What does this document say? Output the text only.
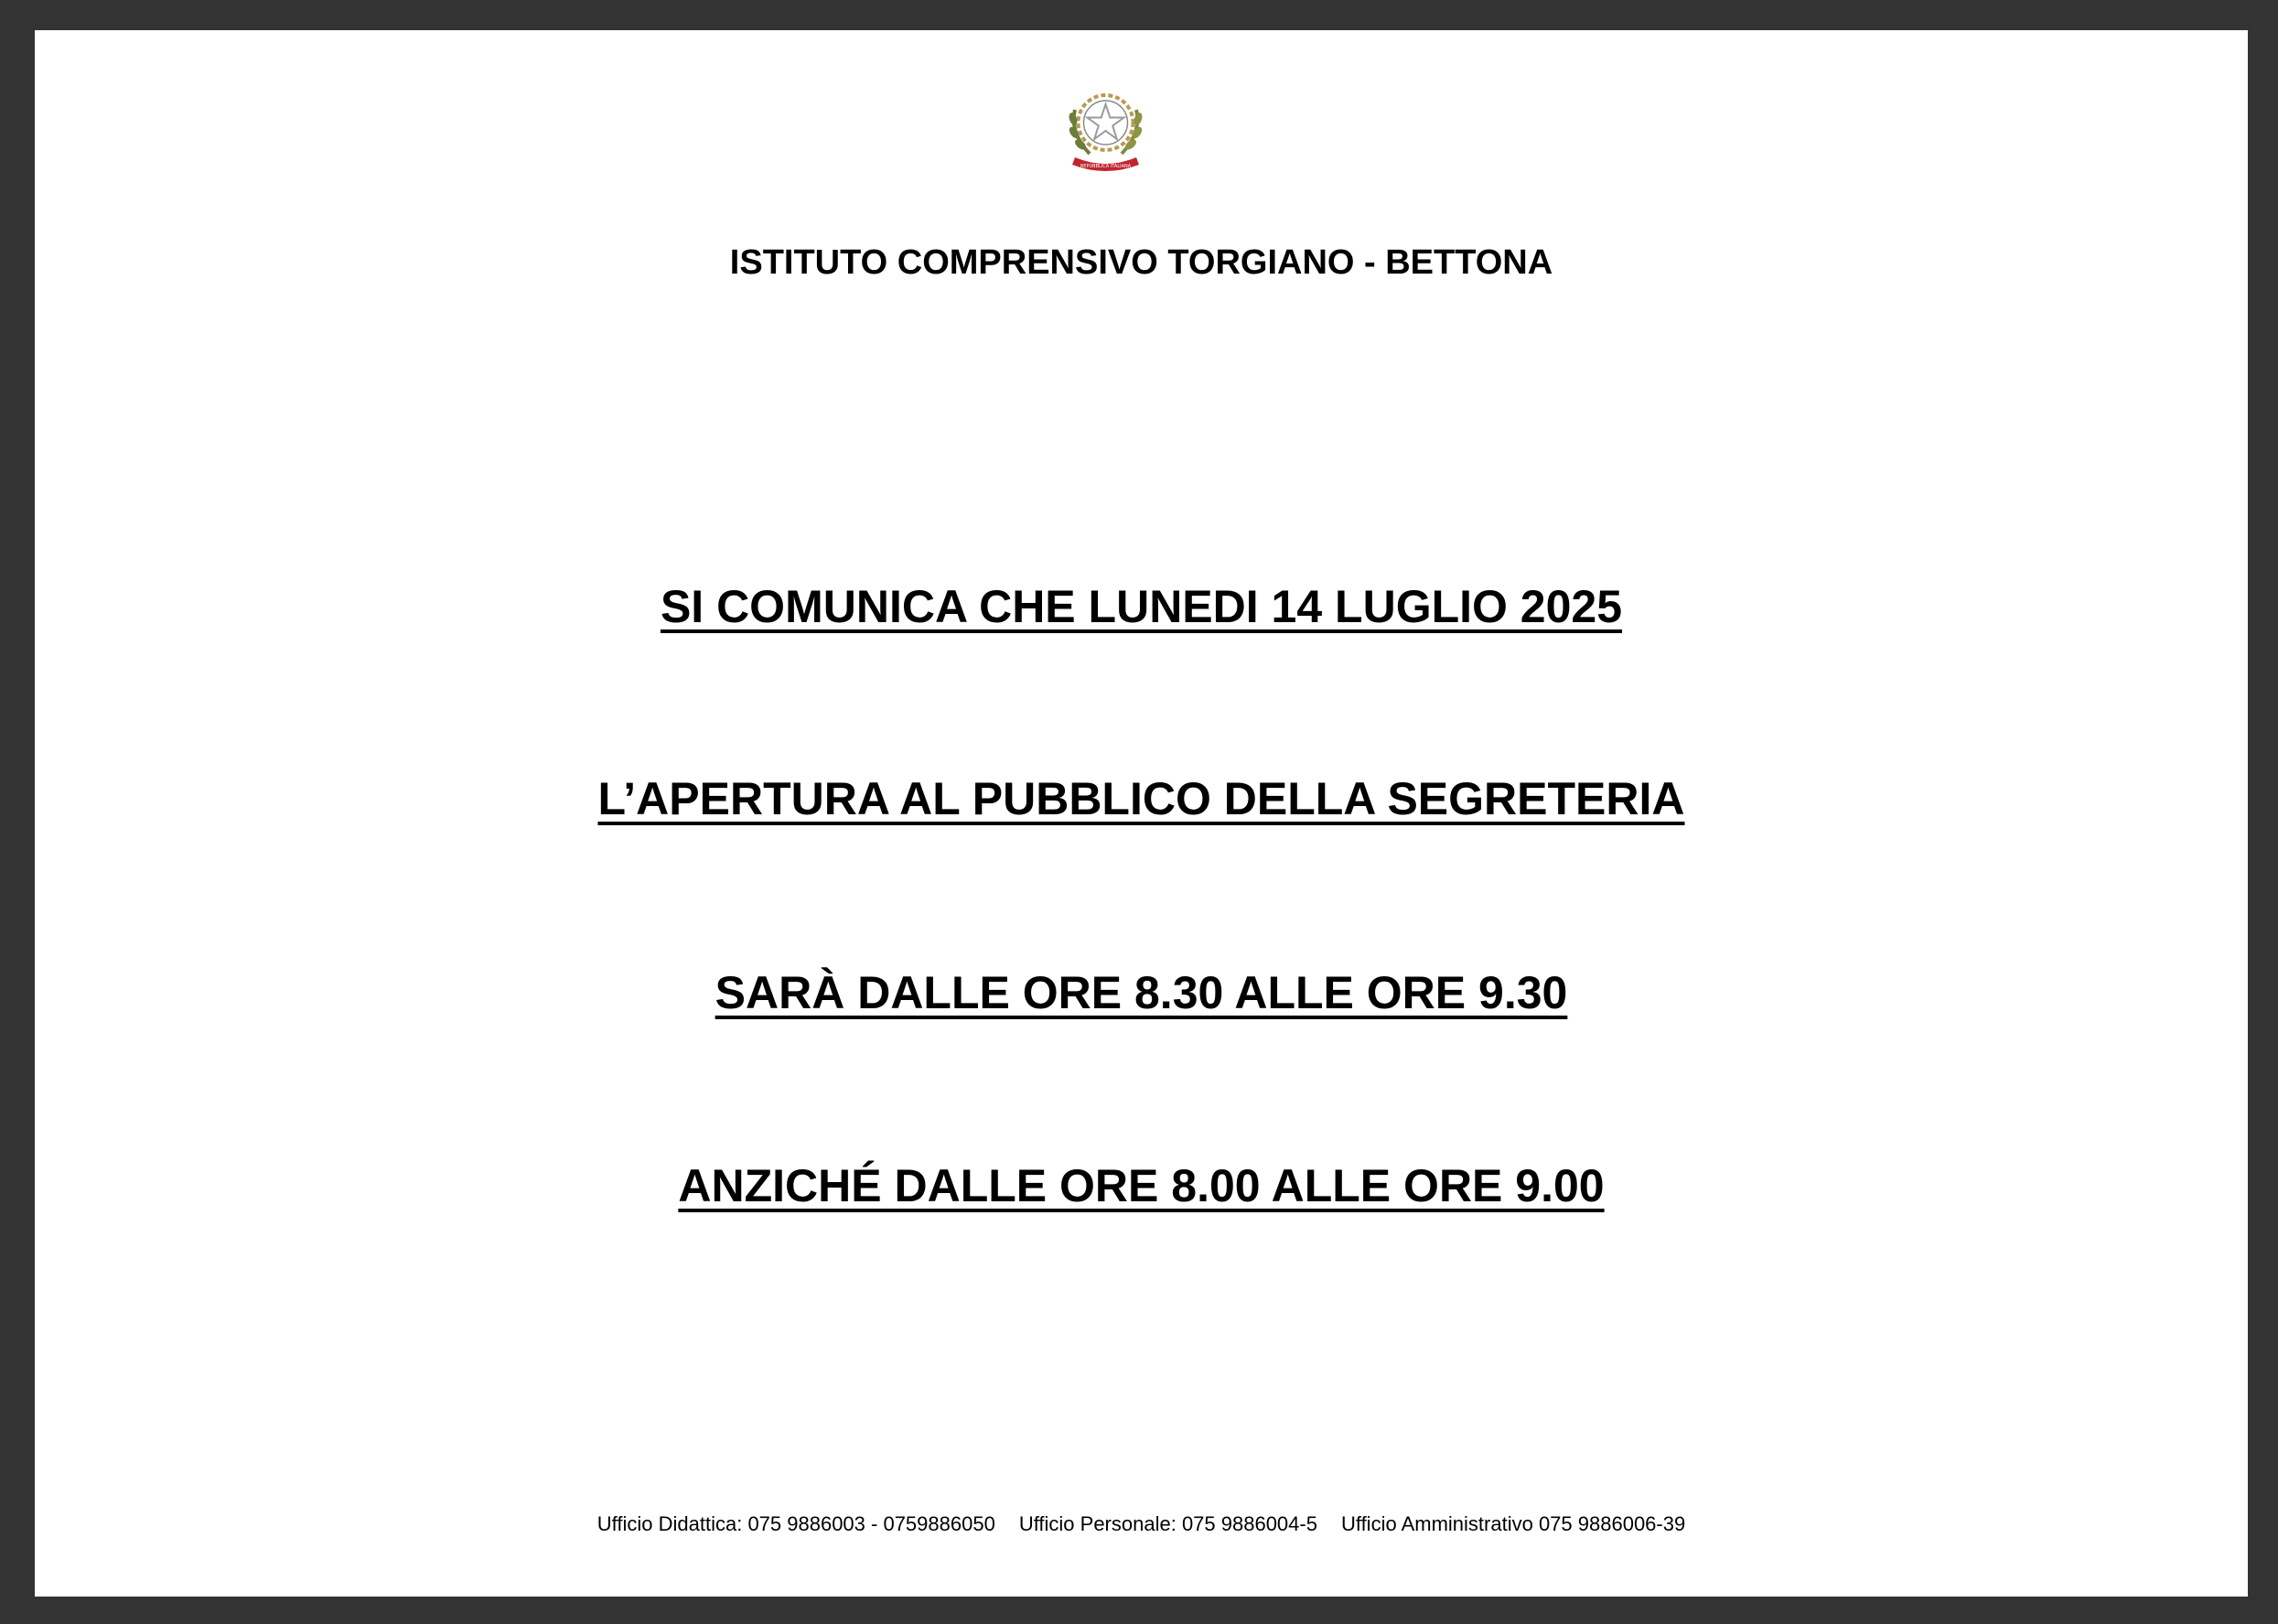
REPUBBLICA ITALIANA
ISTITUTO COMPRENSIVO TORGIANO - BETTONA
SI COMUNICA CHE LUNEDI 14 LUGLIO 2025
L’APERTURA AL PUBBLICO DELLA SEGRETERIA
SARÀ DALLE ORE 8.30 ALLE ORE 9.30
ANZICHÉ DALLE ORE 8.00 ALLE ORE 9.00
Ufficio Didattica: 075 9886003 - 0759886050 Ufficio Personale: 075 9886004-5 Ufficio Amministrativo 075 9886006-39
